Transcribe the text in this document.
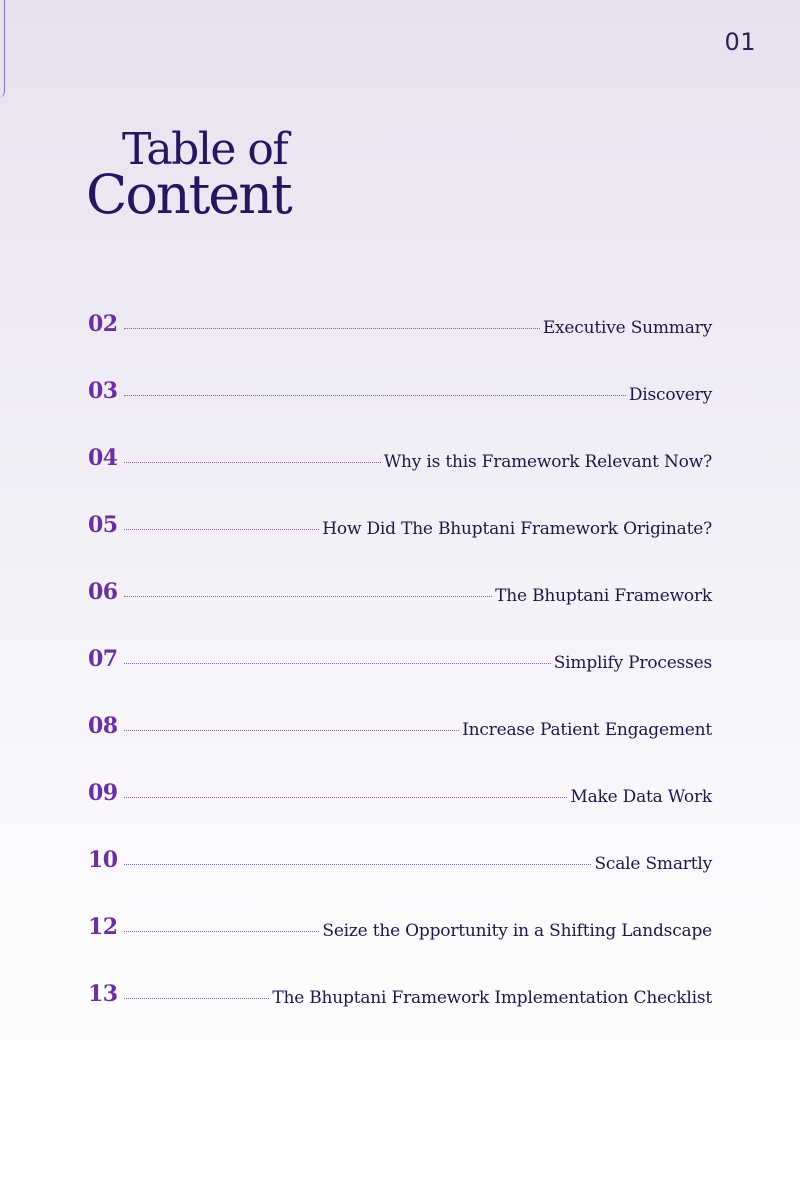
01
Table of
Content
02	Executive Summary
03	Discovery
04	Why is this Framework Relevant Now?
05	How Did The Bhuptani Framework Originate?
06	The Bhuptani Framework
07	Simplify Processes
08	Increase Patient Engagement
09	Make Data Work
10	Scale Smartly
12	Seize the Opportunity in a Shifting Landscape
13	The Bhuptani Framework Implementation Checklist
